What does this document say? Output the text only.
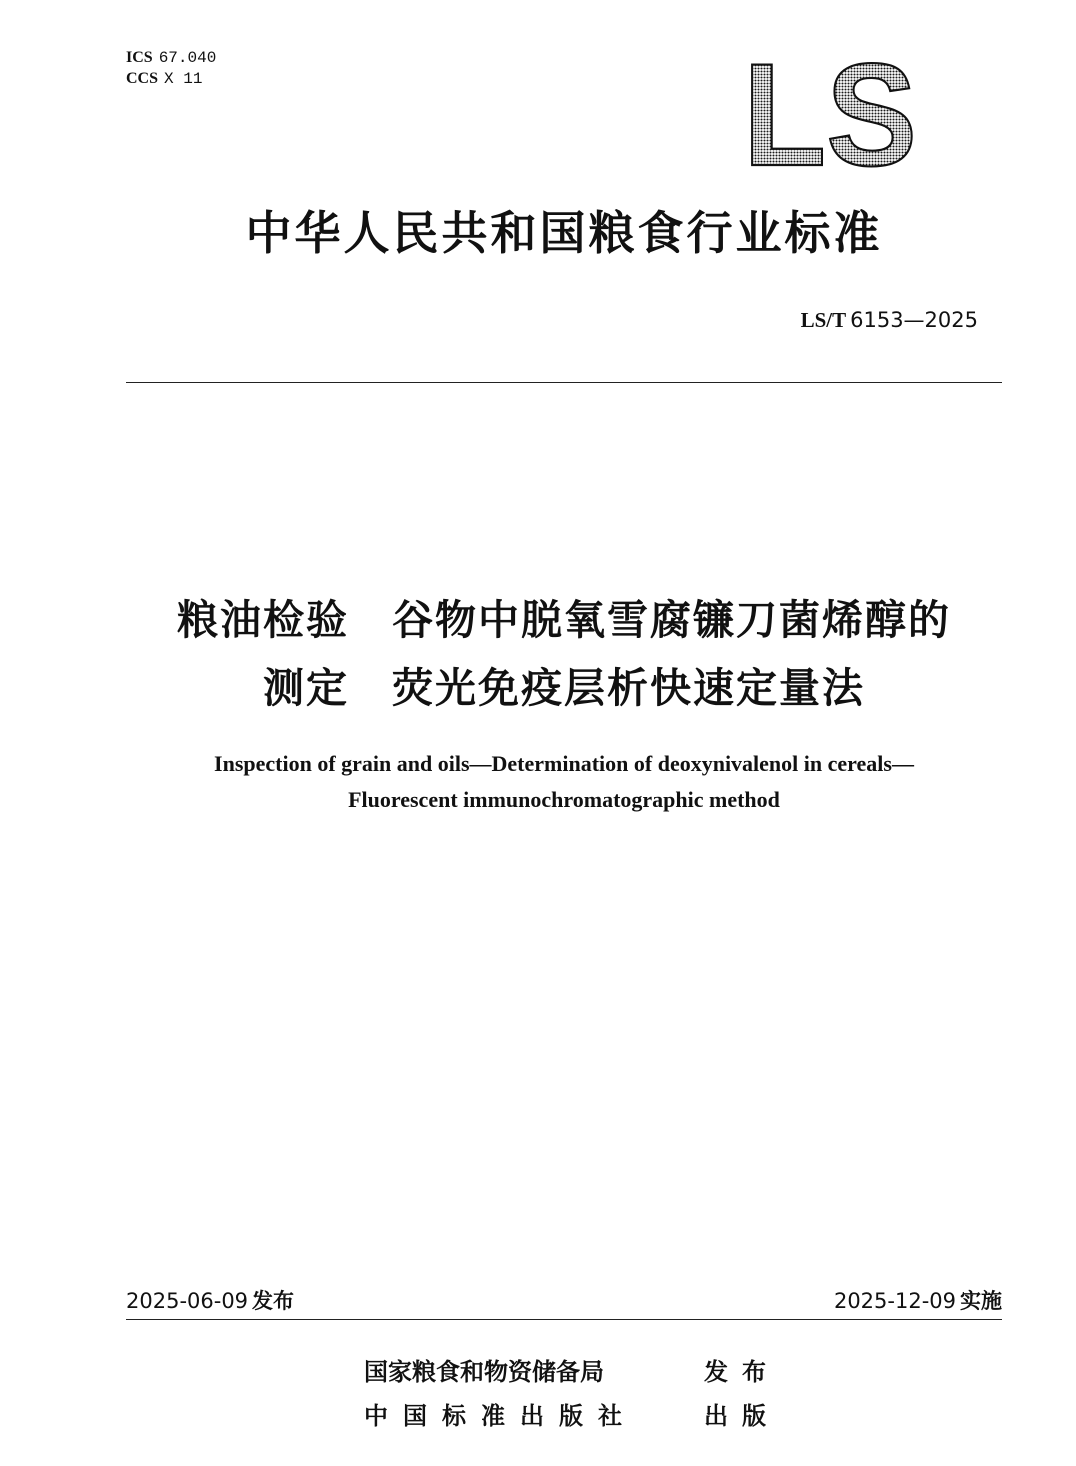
ICS 67.040
CCS X 11	LS
中华人民共和国粮食行业标准
LS/T 6153—2025
粮油检验　谷物中脱氧雪腐镰刀菌烯醇的
测定　荧光免疫层析快速定量法
Inspection of grain and oils—Determination of deoxynivalenol in cereals—
Fluorescent immunochromatographic method
2025-06-09 发布	2025-12-09 实施
国家粮食和物资储备局	发布
中国标准出版社	出版
